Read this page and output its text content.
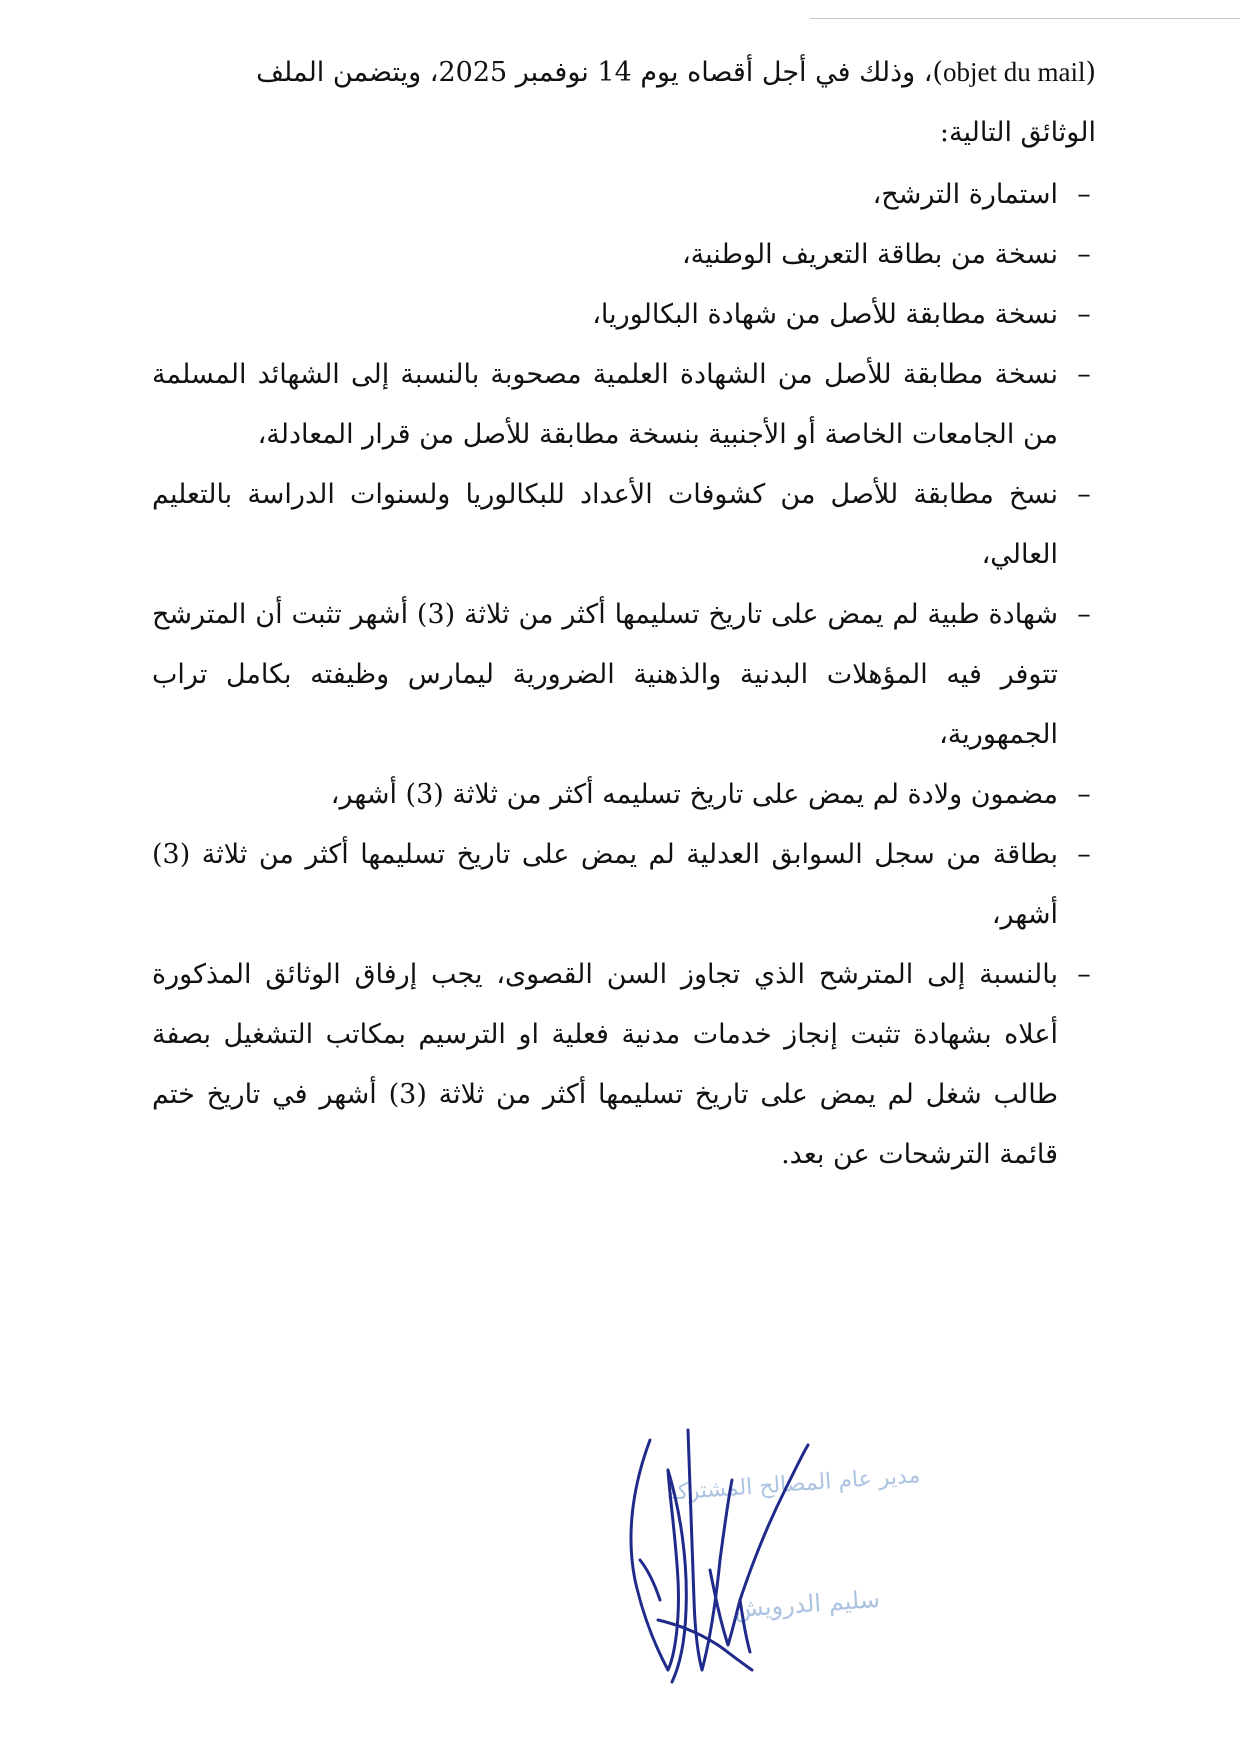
(objet du mail)، وذلك في أجل أقصاه يوم 14 نوفمبر 2025، ويتضمن الملف

الوثائق التالية:

–
استمارة الترشح،
–
نسخة من بطاقة التعريف الوطنية،
–
نسخة مطابقة للأصل من شهادة البكالوريا،
–
نسخة مطابقة للأصل من الشهادة العلمية مصحوبة بالنسبة إلى الشهائد المسلمة من الجامعات الخاصة أو الأجنبية بنسخة مطابقة للأصل من قرار المعادلة،
–
نسخ مطابقة للأصل من كشوفات الأعداد للبكالوريا ولسنوات الدراسة بالتعليم العالي،
–
شهادة طبية لم يمض على تاريخ تسليمها أكثر من ثلاثة (3) أشهر تثبت أن المترشح تتوفر فيه المؤهلات البدنية والذهنية الضرورية ليمارس وظيفته بكامل تراب الجمهورية،
–
مضمون ولادة لم يمض على تاريخ تسليمه أكثر من ثلاثة (3) أشهر،
–
بطاقة من سجل السوابق العدلية لم يمض على تاريخ تسليمها أكثر من ثلاثة (3) أشهر،
–
بالنسبة إلى المترشح الذي تجاوز السن القصوى، يجب إرفاق الوثائق المذكورة أعلاه بشهادة تثبت إنجاز خدمات مدنية فعلية او الترسيم بمكاتب التشغيل بصفة طالب شغل لم يمض على تاريخ تسليمها أكثر من ثلاثة (3) أشهر في تاريخ ختم قائمة الترشحات عن بعد.
مدير عام المصالح المشتركة
سليم الدرويش
